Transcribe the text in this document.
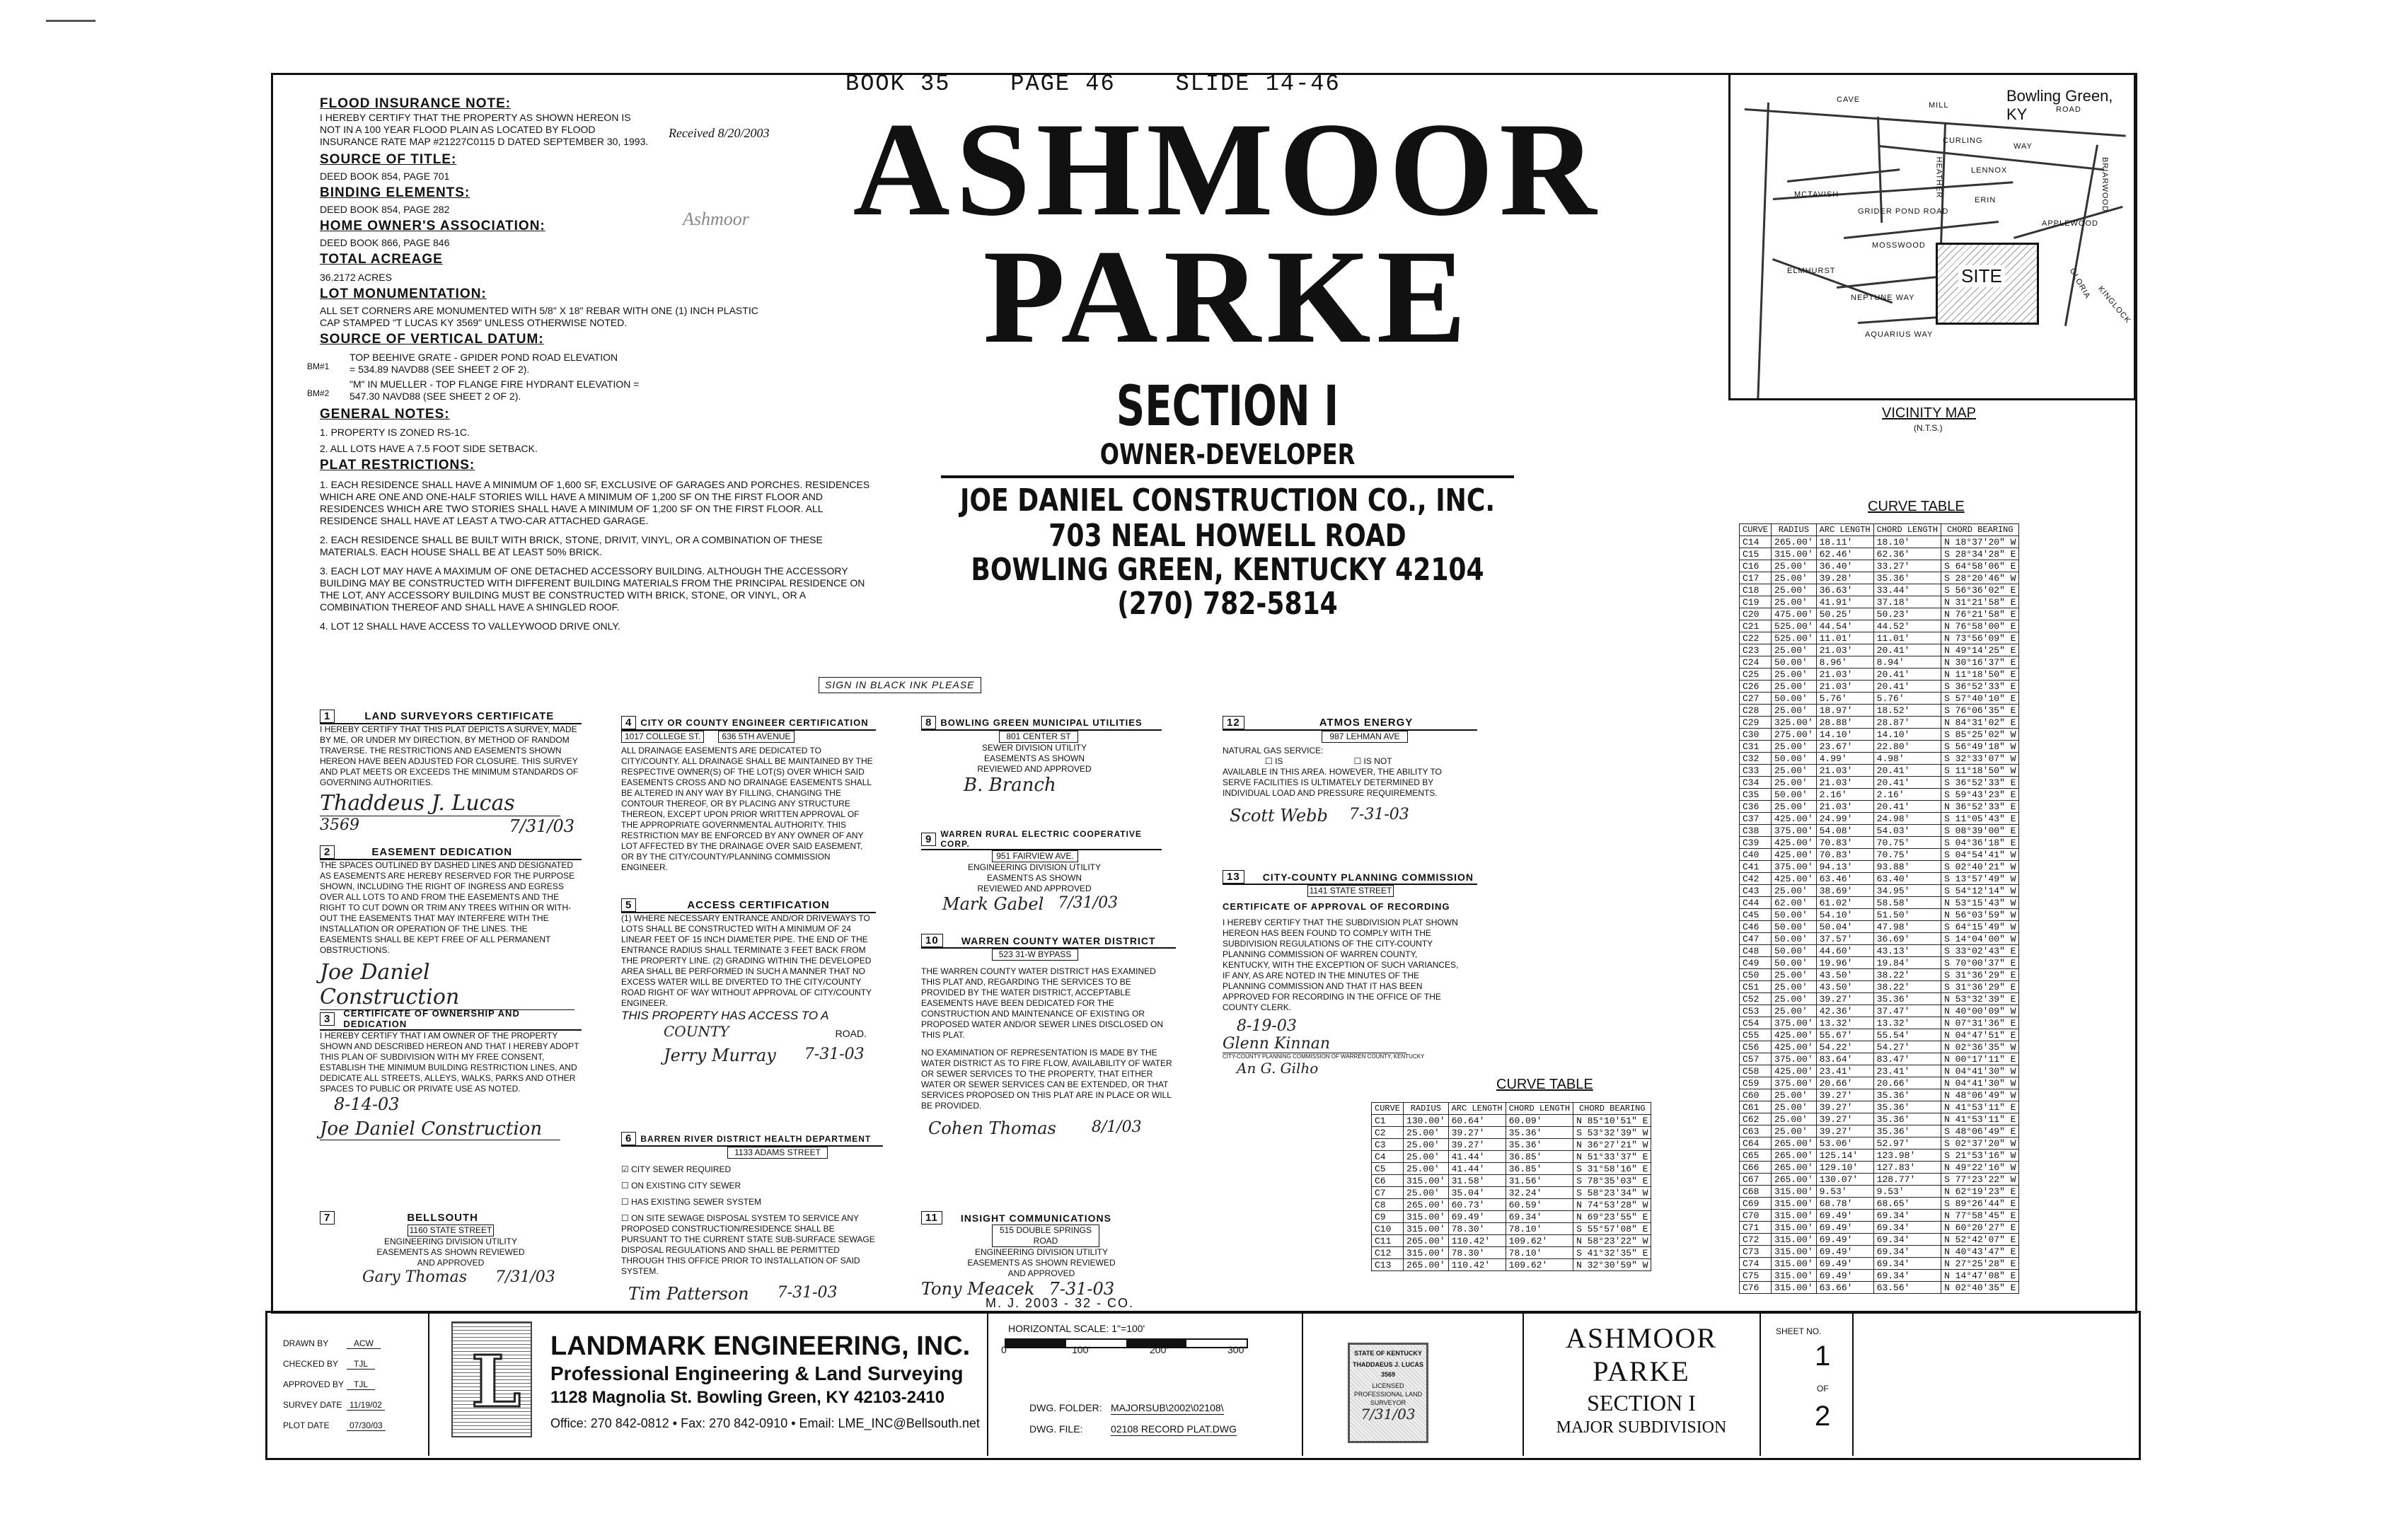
BOOK 35    PAGE 46    SLIDE 14-46
Received 8/20/2003
Ashmoor ASHMOOR
PARKE
SECTION I
OWNER-DEVELOPER
JOE DANIEL CONSTRUCTION CO., INC.
703 NEAL HOWELL ROAD
BOWLING GREEN, KENTUCKY 42104
(270) 782-5814
FLOOD INSURANCE NOTE:
I HEREBY CERTIFY THAT THE PROPERTY AS SHOWN HEREON IS NOT IN A 100 YEAR FLOOD PLAIN AS LOCATED BY FLOOD INSURANCE RATE MAP #21227C0115 D DATED SEPTEMBER 30, 1993.
SOURCE OF TITLE:
DEED BOOK 854, PAGE 701
BINDING ELEMENTS:
DEED BOOK 854, PAGE 282
HOME OWNER'S ASSOCIATION:
DEED BOOK 866, PAGE 846
TOTAL ACREAGE
36.2172 ACRES
LOT MONUMENTATION:
ALL SET CORNERS ARE MONUMENTED WITH 5/8" X 18" REBAR WITH ONE (1) INCH PLASTIC CAP STAMPED "T LUCAS KY 3569" UNLESS OTHERWISE NOTED.
SOURCE OF VERTICAL DATUM:
BM#1
TOP BEEHIVE GRATE - GPIDER POND ROAD ELEVATION = 534.89 NAVD88 (SEE SHEET 2 OF 2).
BM#2
"M" IN MUELLER - TOP FLANGE FIRE HYDRANT ELEVATION = 547.30 NAVD88 (SEE SHEET 2 OF 2).
GENERAL NOTES:
1. PROPERTY IS ZONED RS-1C.
2. ALL LOTS HAVE A 7.5 FOOT SIDE SETBACK.
PLAT RESTRICTIONS:
1. EACH RESIDENCE SHALL HAVE A MINIMUM OF 1,600 SF, EXCLUSIVE OF GARAGES AND PORCHES. RESIDENCES WHICH ARE ONE AND ONE-HALF STORIES WILL HAVE A MINIMUM OF 1,200 SF ON THE FIRST FLOOR AND RESIDENCES WHICH ARE TWO STORIES SHALL HAVE A MINIMUM OF 1,200 SF ON THE FIRST FLOOR. ALL RESIDENCE SHALL HAVE AT LEAST A TWO-CAR ATTACHED GARAGE.
2. EACH RESIDENCE SHALL BE BUILT WITH BRICK, STONE, DRIVIT, VINYL, OR A COMBINATION OF THESE MATERIALS. EACH HOUSE SHALL BE AT LEAST 50% BRICK.
3. EACH LOT MAY HAVE A MAXIMUM OF ONE DETACHED ACCESSORY BUILDING. ALTHOUGH THE ACCESSORY BUILDING MAY BE CONSTRUCTED WITH DIFFERENT BUILDING MATERIALS FROM THE PRINCIPAL RESIDENCE ON THE LOT, ANY ACCESSORY BUILDING MUST BE CONSTRUCTED WITH BRICK, STONE, OR VINYL, OR A COMBINATION THEREOF AND SHALL HAVE A SHINGLED ROOF.
4. LOT 12 SHALL HAVE ACCESS TO VALLEYWOOD DRIVE ONLY.
SIGN IN BLACK INK PLEASE
1	LAND SURVEYORS CERTIFICATE
I HEREBY CERTIFY THAT THIS PLAT DEPICTS A SURVEY, MADE BY ME, OR UNDER MY DIRECTION, BY METHOD OF RANDOM TRAVERSE. THE RESTRICTIONS AND EASEMENTS SHOWN HEREON HAVE BEEN ADJUSTED FOR CLOSURE. THIS SURVEY AND PLAT MEETS OR EXCEEDS THE MINIMUM STANDARDS OF GOVERNING AUTHORITIES.
Thaddeus J. Lucas
3569	7/31/03
2	EASEMENT DEDICATION
THE SPACES OUTLINED BY DASHED LINES AND DESIGNATED AS EASEMENTS ARE HEREBY RESERVED FOR THE PURPOSE SHOWN, INCLUDING THE RIGHT OF INGRESS AND EGRESS OVER ALL LOTS TO AND FROM THE EASEMENTS AND THE RIGHT TO CUT DOWN OR TRIM ANY TREES WITHIN OR WITH-OUT THE EASEMENTS THAT MAY INTERFERE WITH THE INSTALLATION OR OPERATION OF THE LINES. THE EASEMENTS SHALL BE KEPT FREE OF ALL PERMANENT OBSTRUCTIONS.
Joe Daniel Construction
3	CERTIFICATE OF OWNERSHIP AND DEDICATION
I HEREBY CERTIFY THAT I AM OWNER OF THE PROPERTY SHOWN AND DESCRIBED HEREON AND THAT I HEREBY ADOPT THIS PLAN OF SUBDIVISION WITH MY FREE CONSENT, ESTABLISH THE MINIMUM BUILDING RESTRICTION LINES, AND DEDICATE ALL STREETS, ALLEYS, WALKS, PARKS AND OTHER SPACES TO PUBLIC OR PRIVATE USE AS NOTED.
8-14-03
Joe Daniel Construction
7	BELLSOUTH
1160 STATE STREET
ENGINEERING DIVISION UTILITY EASEMENTS AS SHOWN REVIEWED AND APPROVED
Gary Thomas 7/31/03
4 CITY OR COUNTY ENGINEER CERTIFICATION
1017 COLLEGE ST.	636 5TH AVENUE
ALL DRAINAGE EASEMENTS ARE DEDICATED TO CITY/COUNTY. ALL DRAINAGE SHALL BE MAINTAINED BY THE RESPECTIVE OWNER(S) OF THE LOT(S) OVER WHICH SAID EASEMENTS CROSS AND NO DRAINAGE EASEMENTS SHALL BE ALTERED IN ANY WAY BY FILLING, CHANGING THE CONTOUR THEREOF, OR BY PLACING ANY STRUCTURE THEREON, EXCEPT UPON PRIOR WRITTEN APPROVAL OF THE APPROPRIATE GOVERNMENTAL AUTHORITY. THIS RESTRICTION MAY BE ENFORCED BY ANY OWNER OF ANY LOT AFFECTED BY THE DRAINAGE OVER SAID EASEMENT, OR BY THE CITY/COUNTY/PLANNING COMMISSION ENGINEER.
5	ACCESS CERTIFICATION
(1) WHERE NECESSARY ENTRANCE AND/OR DRIVEWAYS TO LOTS SHALL BE CONSTRUCTED WITH A MINIMUM OF 24 LINEAR FEET OF 15 INCH DIAMETER PIPE. THE END OF THE ENTRANCE RADIUS SHALL TERMINATE 3 FEET BACK FROM THE PROPERTY LINE. (2) GRADING WITHIN THE DEVELOPED AREA SHALL BE PERFORMED IN SUCH A MANNER THAT NO EXCESS WATER WILL BE DIVERTED TO THE CITY/COUNTY ROAD RIGHT OF WAY WITHOUT APPROVAL OF CITY/COUNTY ENGINEER.
THIS PROPERTY HAS ACCESS TO A
COUNTY	ROAD.
Jerry Murray 7-31-03
6	BARREN RIVER DISTRICT HEALTH DEPARTMENT
1133 ADAMS STREET
☑ CITY SEWER REQUIRED
☐ ON EXISTING CITY SEWER
☐ HAS EXISTING SEWER SYSTEM
☐ ON SITE SEWAGE DISPOSAL SYSTEM TO SERVICE ANY PROPOSED CONSTRUCTION/RESIDENCE SHALL BE PURSUANT TO THE CURRENT STATE SUB-SURFACE SEWAGE DISPOSAL REGULATIONS AND SHALL BE PERMITTED THROUGH THIS OFFICE PRIOR TO INSTALLATION OF SAID SYSTEM.
Tim Patterson 7-31-03
8 BOWLING GREEN MUNICIPAL UTILITIES
801 CENTER ST
SEWER DIVISION UTILITY EASEMENTS AS SHOWN REVIEWED AND APPROVED
B. Branch
9	WARREN RURAL ELECTRIC COOPERATIVE CORP.
951 FAIRVIEW AVE.
ENGINEERING DIVISION UTILITY EASMENTS AS SHOWN REVIEWED AND APPROVED
Mark Gabel 7/31/03
10	WARREN COUNTY WATER DISTRICT
523 31-W BYPASS
THE WARREN COUNTY WATER DISTRICT HAS EXAMINED THIS PLAT AND, REGARDING THE SERVICES TO BE PROVIDED BY THE WATER DISTRICT, ACCEPTABLE EASEMENTS HAVE BEEN DEDICATED FOR THE CONSTRUCTION AND MAINTENANCE OF EXISTING OR PROPOSED WATER AND/OR SEWER LINES DISCLOSED ON THIS PLAT.
NO EXAMINATION OF REPRESENTATION IS MADE BY THE WATER DISTRICT AS TO FIRE FLOW, AVAILABILITY OF WATER OR SEWER SERVICES TO THE PROPERTY, THAT EITHER WATER OR SEWER SERVICES CAN BE EXTENDED, OR THAT SERVICES PROPOSED ON THIS PLAT ARE IN PLACE OR WILL BE PROVIDED.
Cohen Thomas 8/1/03
11	INSIGHT COMMUNICATIONS
515 DOUBLE SPRINGS ROAD
ENGINEERING DIVISION UTILITY EASEMENTS AS SHOWN REVIEWED AND APPROVED
Tony Meacek 7-31-03
12	ATMOS ENERGY
987 LEHMAN AVE
NATURAL GAS SERVICE:
☐ IS	☐ IS NOT
AVAILABLE IN THIS AREA. HOWEVER, THE ABILITY TO SERVE FACILITIES IS ULTIMATELY DETERMINED BY INDIVIDUAL LOAD AND PRESSURE REQUIREMENTS.
Scott Webb 7-31-03
13	CITY-COUNTY PLANNING COMMISSION
1141 STATE STREET
CERTIFICATE OF APPROVAL OF RECORDING
I HEREBY CERTIFY THAT THE SUBDIVISION PLAT SHOWN HEREON HAS BEEN FOUND TO COMPLY WITH THE SUBDIVISION REGULATIONS OF THE CITY-COUNTY PLANNING COMMISSION OF WARREN COUNTY, KENTUCKY, WITH THE EXCEPTION OF SUCH VARIANCES, IF ANY, AS ARE NOTED IN THE MINUTES OF THE PLANNING COMMISSION AND THAT IT HAS BEEN APPROVED FOR RECORDING IN THE OFFICE OF THE COUNTY CLERK.
8-19-03
Glenn Kinnan
CITY-COUNTY PLANNING COMMISSION OF WARREN COUNTY, KENTUCKY
An G. Gilho
Bowling Green, KY
SITE
CAVE
MILL	ROAD
CURLING
WAY
LENNOX
ERIN
MCTAVISH
GRIDER POND ROAD
MOSSWOOD
ELMHURST
NEPTUNE WAY
AQUARIUS WAY
APPLEWOOD
BRIARWOOD
GLORIA
KINGLOCK
HEATHER
VICINITY MAP
(N.T.S.)
CURVE TABLE
CURVE	RADIUS	ARC LENGTH	CHORD LENGTH	CHORD BEARING
C14	265.00'	18.11'	18.10'	N 18°37'20" W
C15	315.00'	62.46'	62.36'	S 28°34'28" E
C16	25.00'	36.40'	33.27'	S 64°58'06" E
C17	25.00'	39.28'	35.36'	S 28°20'46" W
C18	25.00'	36.63'	33.44'	S 56°36'02" E
C19	25.00'	41.91'	37.18'	N 31°21'58" E
C20	475.00'	50.25'	50.23'	N 76°21'58" E
C21	525.00'	44.54'	44.52'	N 76°58'00" E
C22	525.00'	11.01'	11.01'	N 73°56'09" E
C23	25.00'	21.03'	20.41'	N 49°14'25" E
C24	50.00'	8.96'	8.94'	N 30°16'37" E
C25	25.00'	21.03'	20.41'	N 11°18'50" E
C26	25.00'	21.03'	20.41'	S 36°52'33" E
C27	50.00'	5.76'	5.76'	S 57°40'10" E
C28	25.00'	18.97'	18.52'	S 76°06'35" E
C29	325.00'	28.88'	28.87'	N 84°31'02" E
C30	275.00'	14.10'	14.10'	S 85°25'02" W
C31	25.00'	23.67'	22.80'	S 56°49'18" W
C32	50.00'	4.99'	4.98'	S 32°33'07" W
C33	25.00'	21.03'	20.41'	S 11°18'50" W
C34	25.00'	21.03'	20.41'	S 36°52'33" E
C35	50.00'	2.16'	2.16'	S 59°43'23" E
C36	25.00'	21.03'	20.41'	N 36°52'33" E
C37	425.00'	24.99'	24.98'	S 11°05'43" E
C38	375.00'	54.08'	54.03'	S 08°39'00" E
C39	425.00'	70.83'	70.75'	S 04°36'18" E
C40	425.00'	70.83'	70.75'	S 04°54'41" W
C41	375.00'	94.13'	93.88'	S 02°40'21" W
C42	425.00'	63.46'	63.40'	S 13°57'49" W
C43	25.00'	38.69'	34.95'	S 54°12'14" W
C44	62.00'	61.02'	58.58'	N 53°15'43" W
C45	50.00'	54.10'	51.50'	N 56°03'59" W
C46	50.00'	50.04'	47.98'	S 64°15'49" W
C47	50.00'	37.57'	36.69'	S 14°04'00" W
C48	50.00'	44.60'	43.13'	S 33°02'43" E
C49	50.00'	19.96'	19.84'	S 70°00'37" E
C50	25.00'	43.50'	38.22'	S 31°36'29" E
C51	25.00'	43.50'	38.22'	S 31°36'29" E
C52	25.00'	39.27'	35.36'	N 53°32'39" E
C53	25.00'	42.36'	37.47'	N 40°00'09" W
C54	375.00'	13.32'	13.32'	N 07°31'36" E
C55	425.00'	55.67'	55.54'	N 04°47'51" E
C56	425.00'	54.22'	54.27'	N 02°36'35" W
C57	375.00'	83.64'	83.47'	N 00°17'11" E
C58	425.00'	23.41'	23.41'	N 04°41'30" W
C59	375.00'	20.66'	20.66'	N 04°41'30" W
C60	25.00'	39.27'	35.36'	N 48°06'49" W
C61	25.00'	39.27'	35.36'	N 41°53'11" E
C62	25.00'	39.27'	35.36'	N 41°53'11" E
C63	25.00'	39.27'	35.36'	S 48°06'49" E
C64	265.00'	53.06'	52.97'	S 02°37'20" W
C65	265.00'	125.14'	123.98'	S 21°53'16" W
C66	265.00'	129.10'	127.83'	N 49°22'16" W
C67	265.00'	130.07'	128.77'	S 77°23'22" W
C68	315.00'	9.53'	9.53'	N 62°19'23" E
C69	315.00'	68.78'	68.65'	S 89°26'44" E
C70	315.00'	69.49'	69.34'	N 77°58'45" E
C71	315.00'	69.49'	69.34'	N 60°20'27" E
C72	315.00'	69.49'	69.34'	N 52°42'07" E
C73	315.00'	69.49'	69.34'	N 40°43'47" E
C74	315.00'	69.49'	69.34'	N 27°25'28" E
C75	315.00'	69.49'	69.34'	N 14°47'08" E
C76	315.00'	63.66'	63.56'	N 02°40'35" E
CURVE TABLE
CURVE	RADIUS	ARC LENGTH	CHORD LENGTH	CHORD BEARING
C1	130.00'	60.64'	60.09'	N 85°10'51" E
C2	25.00'	39.27'	35.36'	S 53°32'39" W
C3	25.00'	39.27'	35.36'	N 36°27'21" W
C4	25.00'	41.44'	36.85'	N 51°33'37" E
C5	25.00'	41.44'	36.85'	S 31°58'16" E
C6	315.00'	31.58'	31.56'	S 78°35'03" E
C7	25.00'	35.04'	32.24'	S 58°23'34" W
C8	265.00'	60.73'	60.59'	N 74°53'28" W
C9	315.00'	69.49'	69.34'	N 69°23'55" E
C10	315.00'	78.30'	78.10'	S 55°57'08" E
C11	265.00'	110.42'	109.62'	N 58°23'22" W
C12	315.00'	78.30'	78.10'	S 41°32'35" E
C13	265.00'	110.42'	109.62'	N 32°30'59" W
M. J. 2003 - 32 - CO.
DRAWN BY	ACW
CHECKED BY TJL
APPROVED BY TJL
SURVEY DATE 11/19/02
PLOT DATE 07/30/03
L LANDMARK ENGINEERING, INC.
Professional Engineering & Land Surveying
1128 Magnolia St. Bowling Green, KY 42103-2410
Office: 270 842-0812 • Fax: 270 842-0910 • Email: LME_INC@Bellsouth.net
HORIZONTAL SCALE: 1"=100'
0	100'	200'	300'
DWG. FOLDER: MAJORSUB\2002\02108\
DWG. FILE:	02108 RECORD PLAT.DWG
STATE OF KENTUCKY
THADDAEUS J. LUCAS
3569
LICENSED PROFESSIONAL LAND SURVEYOR
7/31/03
ASHMOOR
PARKE
SECTION I
MAJOR SUBDIVISION
SHEET NO.
1
OF
2
